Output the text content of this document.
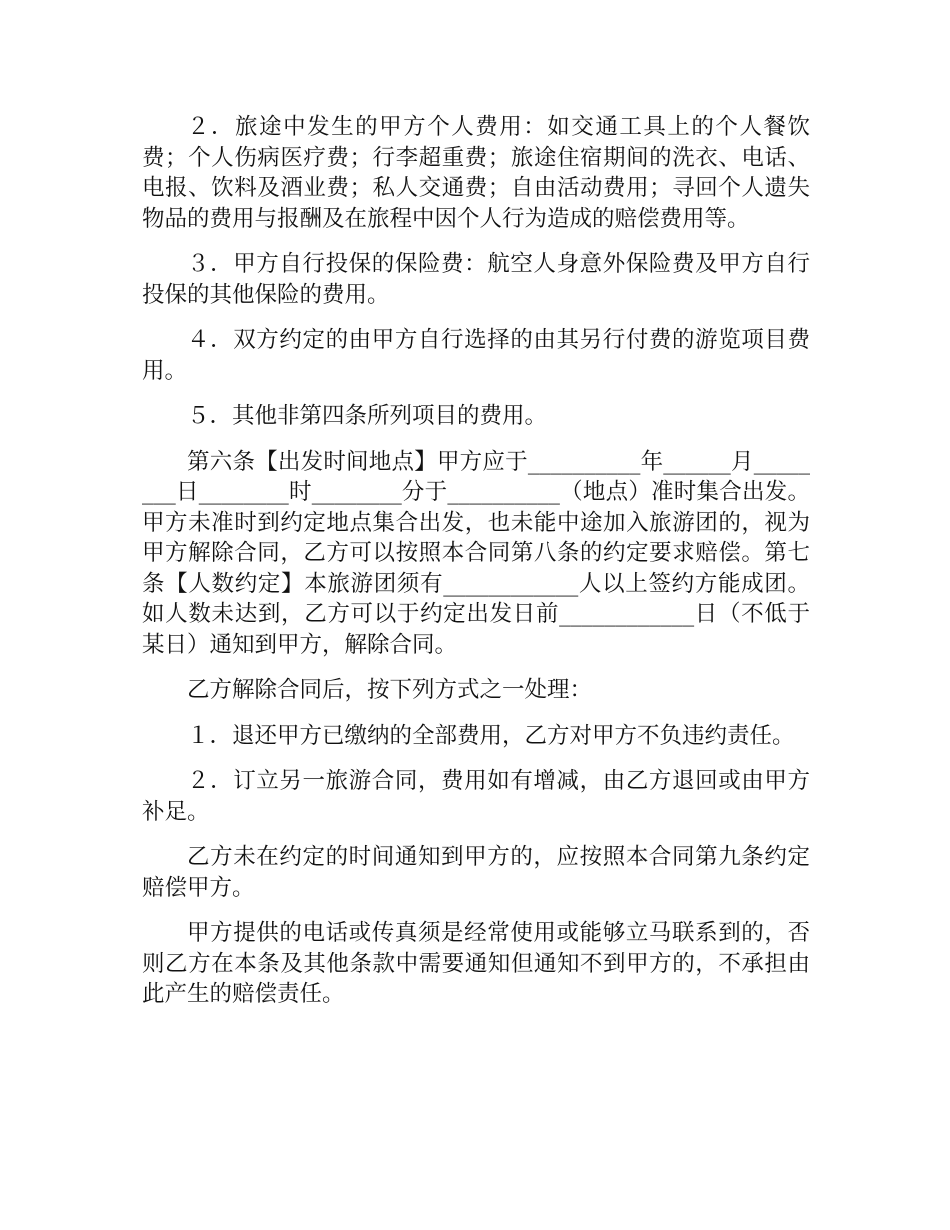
２．旅途中发生的甲方个人费用：如交通工具上的个人餐饮费；个人伤病医疗费；行李超重费；旅途住宿期间的洗衣、电话、电报、饮料及酒业费；私人交通费；自由活动费用；寻回个人遗失物品的费用与报酬及在旅程中因个人行为造成的赔偿费用等。

３．甲方自行投保的保险费：航空人身意外保险费及甲方自行投保的其他保险的费用。

４．双方约定的由甲方自行选择的由其另行付费的游览项目费用。

５．其他非第四条所列项目的费用。

第六条【出发时间地点】甲方应于__________年______月________日________时________分于__________（地点）准时集合出发。甲方未准时到约定地点集合出发，也未能中途加入旅游团的，视为甲方解除合同，乙方可以按照本合同第八条的约定要求赔偿。第七条【人数约定】本旅游团须有____________人以上签约方能成团。如人数未达到，乙方可以于约定出发日前____________日（不低于某日）通知到甲方，解除合同。

乙方解除合同后，按下列方式之一处理：

１．退还甲方已缴纳的全部费用，乙方对甲方不负违约责任。

２．订立另一旅游合同，费用如有增减，由乙方退回或由甲方补足。

乙方未在约定的时间通知到甲方的，应按照本合同第九条约定赔偿甲方。

甲方提供的电话或传真须是经常使用或能够立马联系到的，否则乙方在本条及其他条款中需要通知但通知不到甲方的，不承担由此产生的赔偿责任。
